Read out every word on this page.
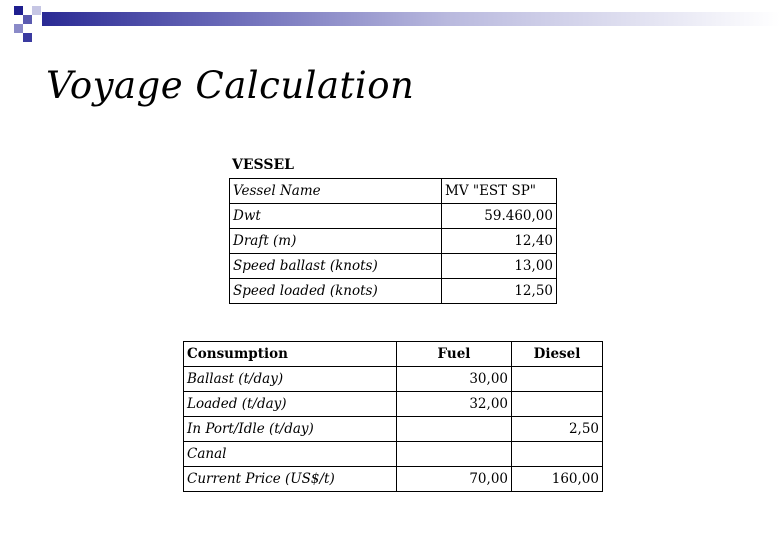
Voyage Calculation
VESSEL
Vessel Name	MV "EST SP"
Dwt	59.460,00
Draft (m)	12,40
Speed ballast (knots)	13,00
Speed loaded (knots)	12,50
Consumption	Fuel	Diesel
Ballast (t/day)	30,00	
Loaded (t/day)	32,00	
In Port/Idle (t/day)		2,50
Canal		
Current Price (US$/t)	70,00	160,00
